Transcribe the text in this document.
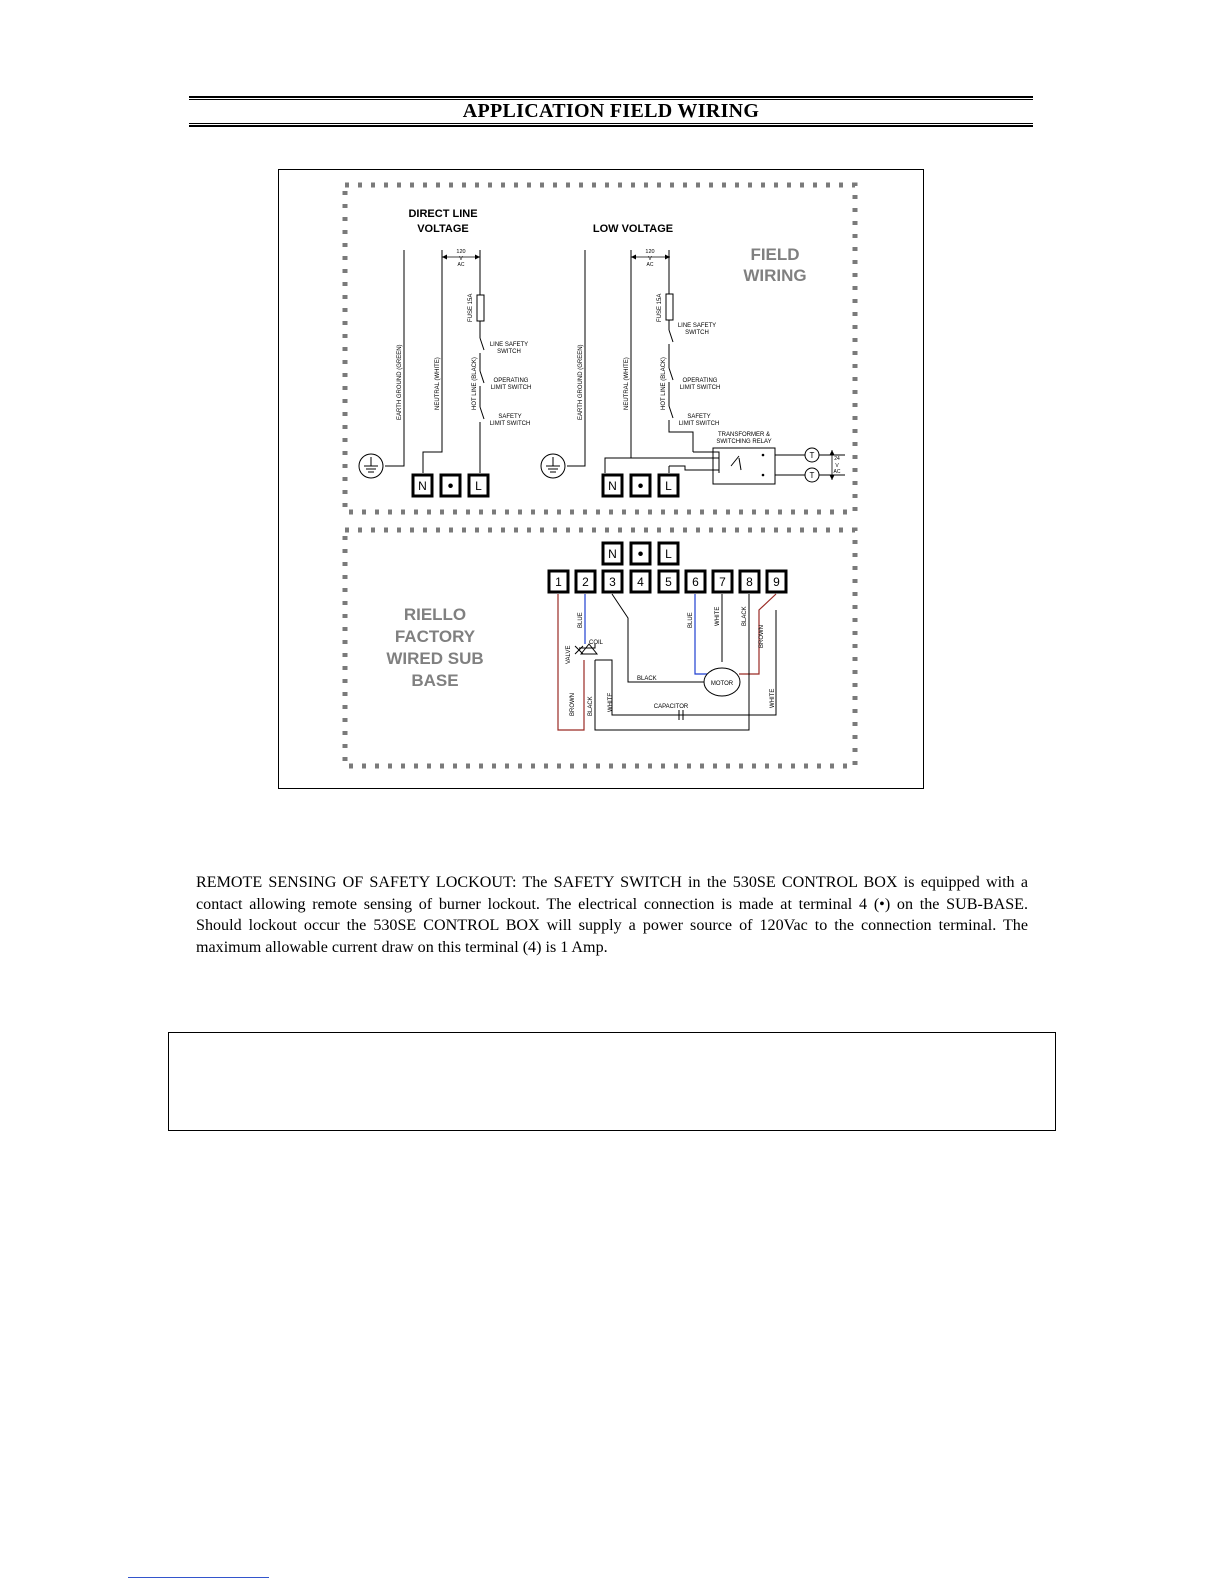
APPLICATION FIELD WIRING
FIELD
WIRING
RIELLO
FACTORY
WIRED SUB
BASE
DIRECT LINE
VOLTAGE
120
V
AC
EARTH GROUND (GREEN)	NEUTRAL (WHITE)	HOT LINE (BLACK)
FUSE 15A
LINE SAFETY
SWITCH
OPERATING
LIMIT SWITCH
SAFETY
LIMIT SWITCH
N • L
LOW VOLTAGE
120
V
AC
T
T
24
V
AC
EARTH GROUND (GREEN)	NEUTRAL (WHITE)	HOT LINE (BLACK)
FUSE 15A
LINE SAFETY
SWITCH
OPERATING
LIMIT SWITCH
SAFETY
LIMIT SWITCH
TRANSFORMER &
SWITCHING RELAY
N • L
N • L
1 2 3 4 5 6 7 8 9
BLUE	BLUE	WHITE	BLACK
BROWN
VALVE
COIL
BROWN BLACK WHITE
BLACK
MOTOR
CAPACITOR	WHITE
REMOTE SENSING OF SAFETY LOCKOUT: The SAFETY SWITCH in the 530SE CONTROL BOX is equipped with a contact allowing remote sensing of burner lockout. The electrical connection is made at terminal 4 (•) on the SUB-BASE. Should lockout occur the 530SE CONTROL BOX will supply a power source of 120Vac to the connection terminal. The maximum allowable current draw on this terminal (4) is 1 Amp.
